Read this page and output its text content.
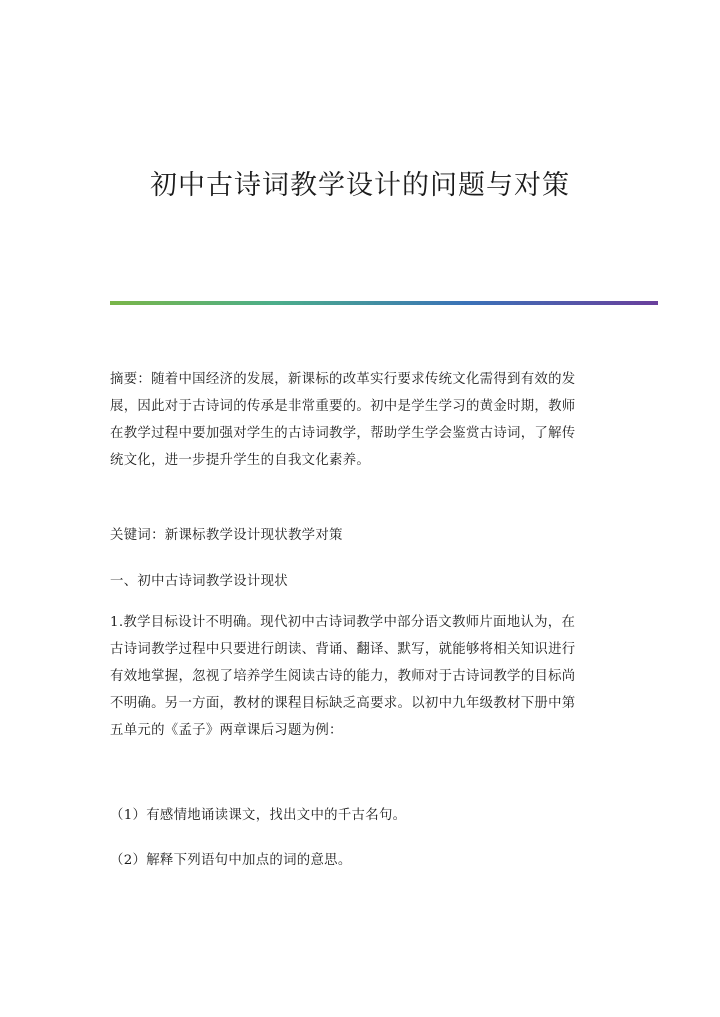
初中古诗词教学设计的问题与对策
摘要：随着中国经济的发展，新课标的改革实行要求传统文化需得到有效的发
展，因此对于古诗词的传承是非常重要的。初中是学生学习的黄金时期，教师
在教学过程中要加强对学生的古诗词教学，帮助学生学会鉴赏古诗词，了解传
统文化，进一步提升学生的自我文化素养。

关键词：新课标教学设计现状教学对策

一、初中古诗词教学设计现状

1.教学目标设计不明确。现代初中古诗词教学中部分语文教师片面地认为，在
古诗词教学过程中只要进行朗读、背诵、翻译、默写，就能够将相关知识进行
有效地掌握，忽视了培养学生阅读古诗的能力，教师对于古诗词教学的目标尚
不明确。另一方面，教材的课程目标缺乏高要求。以初中九年级教材下册中第
五单元的《孟子》两章课后习题为例：

（1）有感情地诵读课文，找出文中的千古名句。

（2）解释下列语句中加点的词的意思。
